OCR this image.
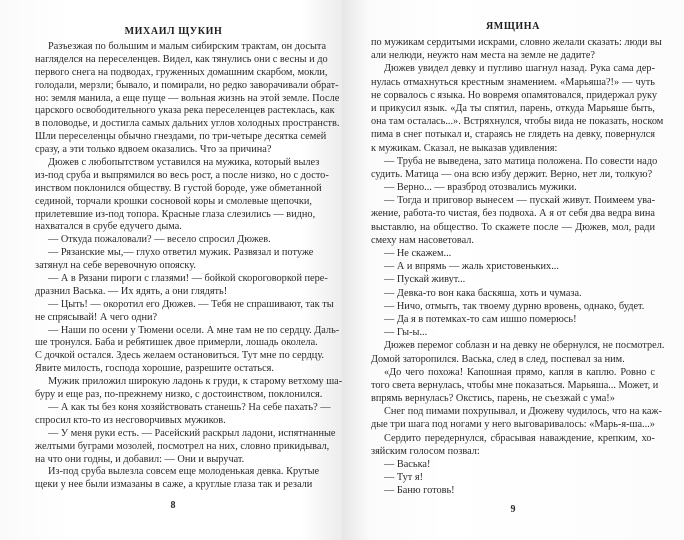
МИХАИЛ ЩУКИН
Разъезжая по большим и малым сибирским трактам, он досыта
нагляделся на переселенцев. Видел, как тянулись они с весны и до
первого снега на подводах, груженных домашним скарбом, мокли,
голодали, мерзли; бывало, и помирали, но редко заворачивали обрат-
но: земля манила, а еще пуще — вольная жизнь на этой земле. После
царского освободительного указа река переселенцев растеклась, как
в половодье, и достигла самых дальних углов холодных пространств.
Шли переселенцы обычно гнездами, по три-четыре десятка семей
сразу, а эти только вдвоем оказались. Что за причина?
Дюжев с любопытством уставился на мужика, который вылез
из-под сруба и выпрямился во весь рост, а после низко, но с досто-
инством поклонился обществу. В густой бороде, уже обметанной
сединой, торчали крошки сосновой коры и смолевые щепочки,
прилетевшие из-под топора. Красные глаза слезились — видно,
нахватался в срубе едучего дыма.
— Откуда пожаловали? — весело спросил Дюжев.
— Рязанские мы,— глухо ответил мужик. Развязал и потуже
затянул на себе веревочную опояску.
— А в Рязани пироги с глазями! — бойкой скороговоркой пере-
дразнил Васька. — Их ядять, а они глядять!
— Цыть! — окоротил его Дюжев. — Тебя не спрашивают, так ты
не спрясывай! А чего одни?
— Наши по осени у Тюмени осели. А мне там не по сердцу. Даль-
ше тронулся. Баба и ребятишек двое примерли, лошадь околела.
С дочкой остался. Здесь желаем остановиться. Тут мне по сердцу.
Явите милость, господа хорошие, разрешите остаться.
Мужик приложил широкую ладонь к груди, к старому ветхому ша-
буру и еще раз, по-прежнему низко, с достоинством, поклонился.
— А как ты без коня хозяйствовать станешь? На себе пахать? —
спросил кто-то из несговорчивых мужиков.
— У меня руки есть. — Расейский раскрыл ладони, испятнанные
желтыми буграми мозолей, посмотрел на них, словно прикидывал,
на что они годны, и добавил: — Они и выручат.
Из-под сруба вылезла совсем еще молоденькая девка. Крутые
щеки у нее были измазаны в саже, а круглые глаза так и резали
8
ЯМЩИНА
по мужикам сердитыми искрами, словно желали сказать: люди вы
али нелюди, неужто нам места на земле не дадите?
Дюжев увидел девку и пугливо шагнул назад. Рука сама дер-
нулась отмахнуться крестным знамением. «Марьяша?!» — чуть
не сорвалось с языка. Но вовремя опамятовался, придержал руку
и прикусил язык. «Да ты спятил, парень, откуда Марьяше быть,
она там осталась...». Встряхнулся, чтобы вида не показать, носком
пима в снег потыкал и, стараясь не глядеть на девку, повернулся
к мужикам. Сказал, не выказав удивления:
— Труба не выведена, зато матица положена. По совести надо
судить. Матица — она всю избу держит. Верно, нет ли, толкую?
— Верно... — вразброд отозвались мужики.
— Тогда и приговор вынесем — пускай живут. Поимеем ува-
жение, работа-то чистая, без подвоха. А я от себя два ведра вина
выставлю, на общество. То скажете после — Дюжев, мол, ради
смеху нам насоветовал.
— Не скажем...
— А и впрямь — жаль христовеньких...
— Пускай живут...
— Девка-то вон кака баскяша, хоть и чумаза.
— Ничо, отмыть, так твоему дурню вровень, однако, будет.
— Да я в потемках-то сам ишшо померюсь!
— Гы-ы...
Дюжев перемог соблазн и на девку не обернулся, не посмотрел.
Домой заторопился. Васька, след в след, поспевал за ним.
«До чего похожа! Капошная прямо, капля в каплю. Ровно с
того света вернулась, чтобы мне показаться. Марьяша... Может, и
впрямь вернулась? Окстись, парень, не съезжай с ума!»
Снег под пимами похрупывал, и Дюжеву чудилось, что на каж-
дые три шага под ногами у него выговаривалось: «Марь-я-ша...»
Сердито передернулся, сбрасывая наваждение, крепким, хо-
зяйским голосом позвал:
— Васька!
— Тут я!
— Баню готовь!
9
